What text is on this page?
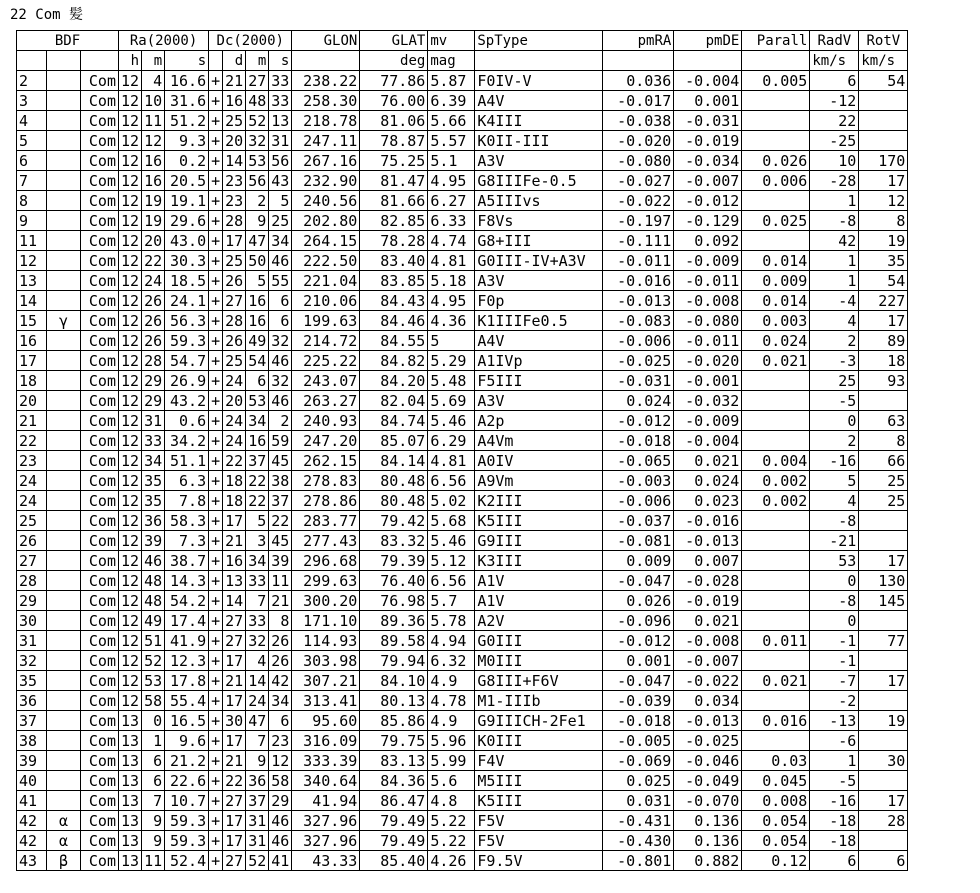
22 Com 髪
BDF			Ra(2000)			Dc(2000)				GLON	GLAT	mv	SpType	pmRA	pmDE	Parall	RadV	RotV
			h	m	s		d	m	s		deg	mag					km/s	km/s
2		Com	12	4	16.6	+	21	27	33	238.22	77.86	5.87	F0IV-V	0.036	-0.004	0.005	6	54
3		Com	12	10	31.6	+	16	48	33	258.30	76.00	6.39	A4V	-0.017	0.001		-12	
4		Com	12	11	51.2	+	25	52	13	218.78	81.06	5.66	K4III	-0.038	-0.031		22	
5		Com	12	12	9.3	+	20	32	31	247.11	78.87	5.57	K0II-III	-0.020	-0.019		-25	
6		Com	12	16	0.2	+	14	53	56	267.16	75.25	5.1	A3V	-0.080	-0.034	0.026	10	170
7		Com	12	16	20.5	+	23	56	43	232.90	81.47	4.95	G8IIIFe-0.5	-0.027	-0.007	0.006	-28	17
8		Com	12	19	19.1	+	23	2	5	240.56	81.66	6.27	A5IIIvs	-0.022	-0.012		1	12
9		Com	12	19	29.6	+	28	9	25	202.80	82.85	6.33	F8Vs	-0.197	-0.129	0.025	-8	8
11		Com	12	20	43.0	+	17	47	34	264.15	78.28	4.74	G8+III	-0.111	0.092		42	19
12		Com	12	22	30.3	+	25	50	46	222.50	83.40	4.81	G0III-IV+A3V	-0.011	-0.009	0.014	1	35
13		Com	12	24	18.5	+	26	5	55	221.04	83.85	5.18	A3V	-0.016	-0.011	0.009	1	54
14		Com	12	26	24.1	+	27	16	6	210.06	84.43	4.95	F0p	-0.013	-0.008	0.014	-4	227
15	γ	Com	12	26	56.3	+	28	16	6	199.63	84.46	4.36	K1IIIFe0.5	-0.083	-0.080	0.003	4	17
16		Com	12	26	59.3	+	26	49	32	214.72	84.55	5	A4V	-0.006	-0.011	0.024	2	89
17		Com	12	28	54.7	+	25	54	46	225.22	84.82	5.29	A1IVp	-0.025	-0.020	0.021	-3	18
18		Com	12	29	26.9	+	24	6	32	243.07	84.20	5.48	F5III	-0.031	-0.001		25	93
20		Com	12	29	43.2	+	20	53	46	263.27	82.04	5.69	A3V	0.024	-0.032		-5	
21		Com	12	31	0.6	+	24	34	2	240.93	84.74	5.46	A2p	-0.012	-0.009		0	63
22		Com	12	33	34.2	+	24	16	59	247.20	85.07	6.29	A4Vm	-0.018	-0.004		2	8
23		Com	12	34	51.1	+	22	37	45	262.15	84.14	4.81	A0IV	-0.065	0.021	0.004	-16	66
24		Com	12	35	6.3	+	18	22	38	278.83	80.48	6.56	A9Vm	-0.003	0.024	0.002	5	25
24		Com	12	35	7.8	+	18	22	37	278.86	80.48	5.02	K2III	-0.006	0.023	0.002	4	25
25		Com	12	36	58.3	+	17	5	22	283.77	79.42	5.68	K5III	-0.037	-0.016		-8	
26		Com	12	39	7.3	+	21	3	45	277.43	83.32	5.46	G9III	-0.081	-0.013		-21	
27		Com	12	46	38.7	+	16	34	39	296.68	79.39	5.12	K3III	0.009	0.007		53	17
28		Com	12	48	14.3	+	13	33	11	299.63	76.40	6.56	A1V	-0.047	-0.028		0	130
29		Com	12	48	54.2	+	14	7	21	300.20	76.98	5.7	A1V	0.026	-0.019		-8	145
30		Com	12	49	17.4	+	27	33	8	171.10	89.36	5.78	A2V	-0.096	0.021		0	
31		Com	12	51	41.9	+	27	32	26	114.93	89.58	4.94	G0III	-0.012	-0.008	0.011	-1	77
32		Com	12	52	12.3	+	17	4	26	303.98	79.94	6.32	M0III	0.001	-0.007		-1	
35		Com	12	53	17.8	+	21	14	42	307.21	84.10	4.9	G8III+F6V	-0.047	-0.022	0.021	-7	17
36		Com	12	58	55.4	+	17	24	34	313.41	80.13	4.78	M1-IIIb	-0.039	0.034		-2	
37		Com	13	0	16.5	+	30	47	6	95.60	85.86	4.9	G9IIICH-2Fe1	-0.018	-0.013	0.016	-13	19
38		Com	13	1	9.6	+	17	7	23	316.09	79.75	5.96	K0III	-0.005	-0.025		-6	
39		Com	13	6	21.2	+	21	9	12	333.39	83.13	5.99	F4V	-0.069	-0.046	0.03	1	30
40		Com	13	6	22.6	+	22	36	58	340.64	84.36	5.6	M5III	0.025	-0.049	0.045	-5	
41		Com	13	7	10.7	+	27	37	29	41.94	86.47	4.8	K5III	0.031	-0.070	0.008	-16	17
42	α	Com	13	9	59.3	+	17	31	46	327.96	79.49	5.22	F5V	-0.431	0.136	0.054	-18	28
42	α	Com	13	9	59.3	+	17	31	46	327.96	79.49	5.22	F5V	-0.430	0.136	0.054	-18	
43	β	Com	13	11	52.4	+	27	52	41	43.33	85.40	4.26	F9.5V	-0.801	0.882	0.12	6	6
